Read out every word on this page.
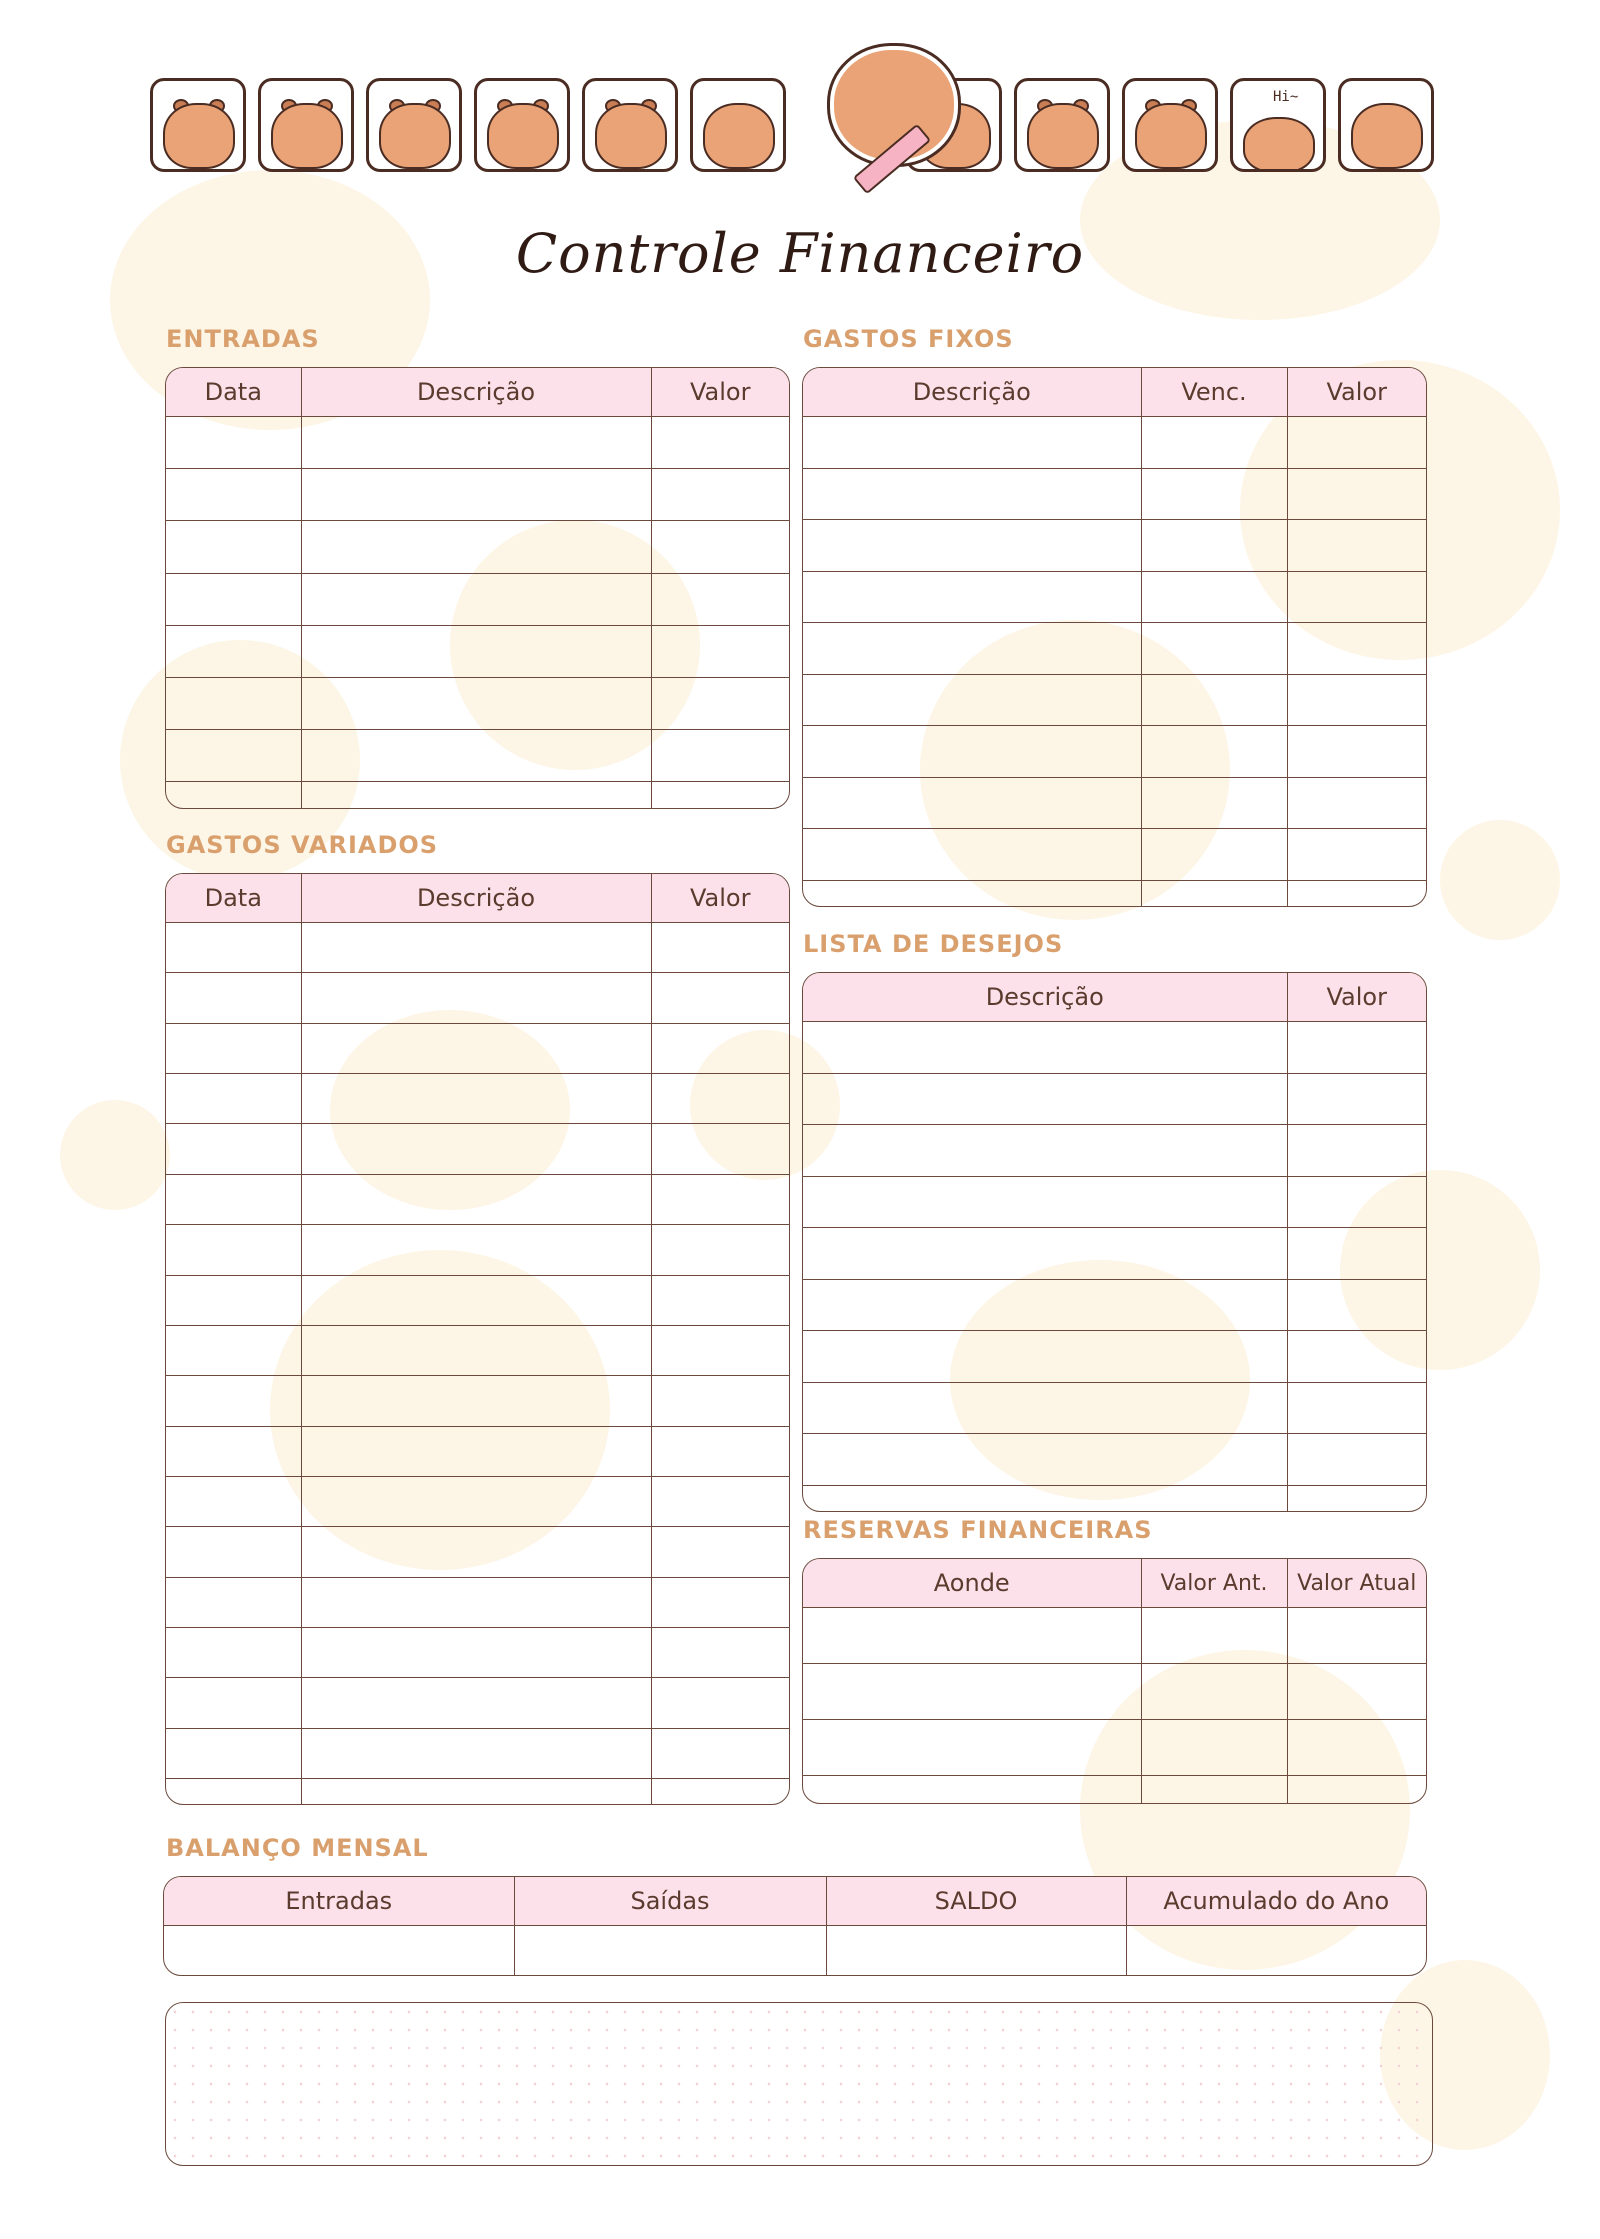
Hi~
Controle Financeiro
ENTRADAS
Data	Descrição	Valor

GASTOS FIXOS
Descrição	Venc.	Valor

GASTOS VARIADOS
Data	Descrição	Valor

LISTA DE DESEJOS
Descrição	Valor

RESERVAS FINANCEIRAS
Aonde	Valor Ant.	Valor Atual

BALANÇO MENSAL
Entradas	Saídas	SALDO	Acumulado do Ano
